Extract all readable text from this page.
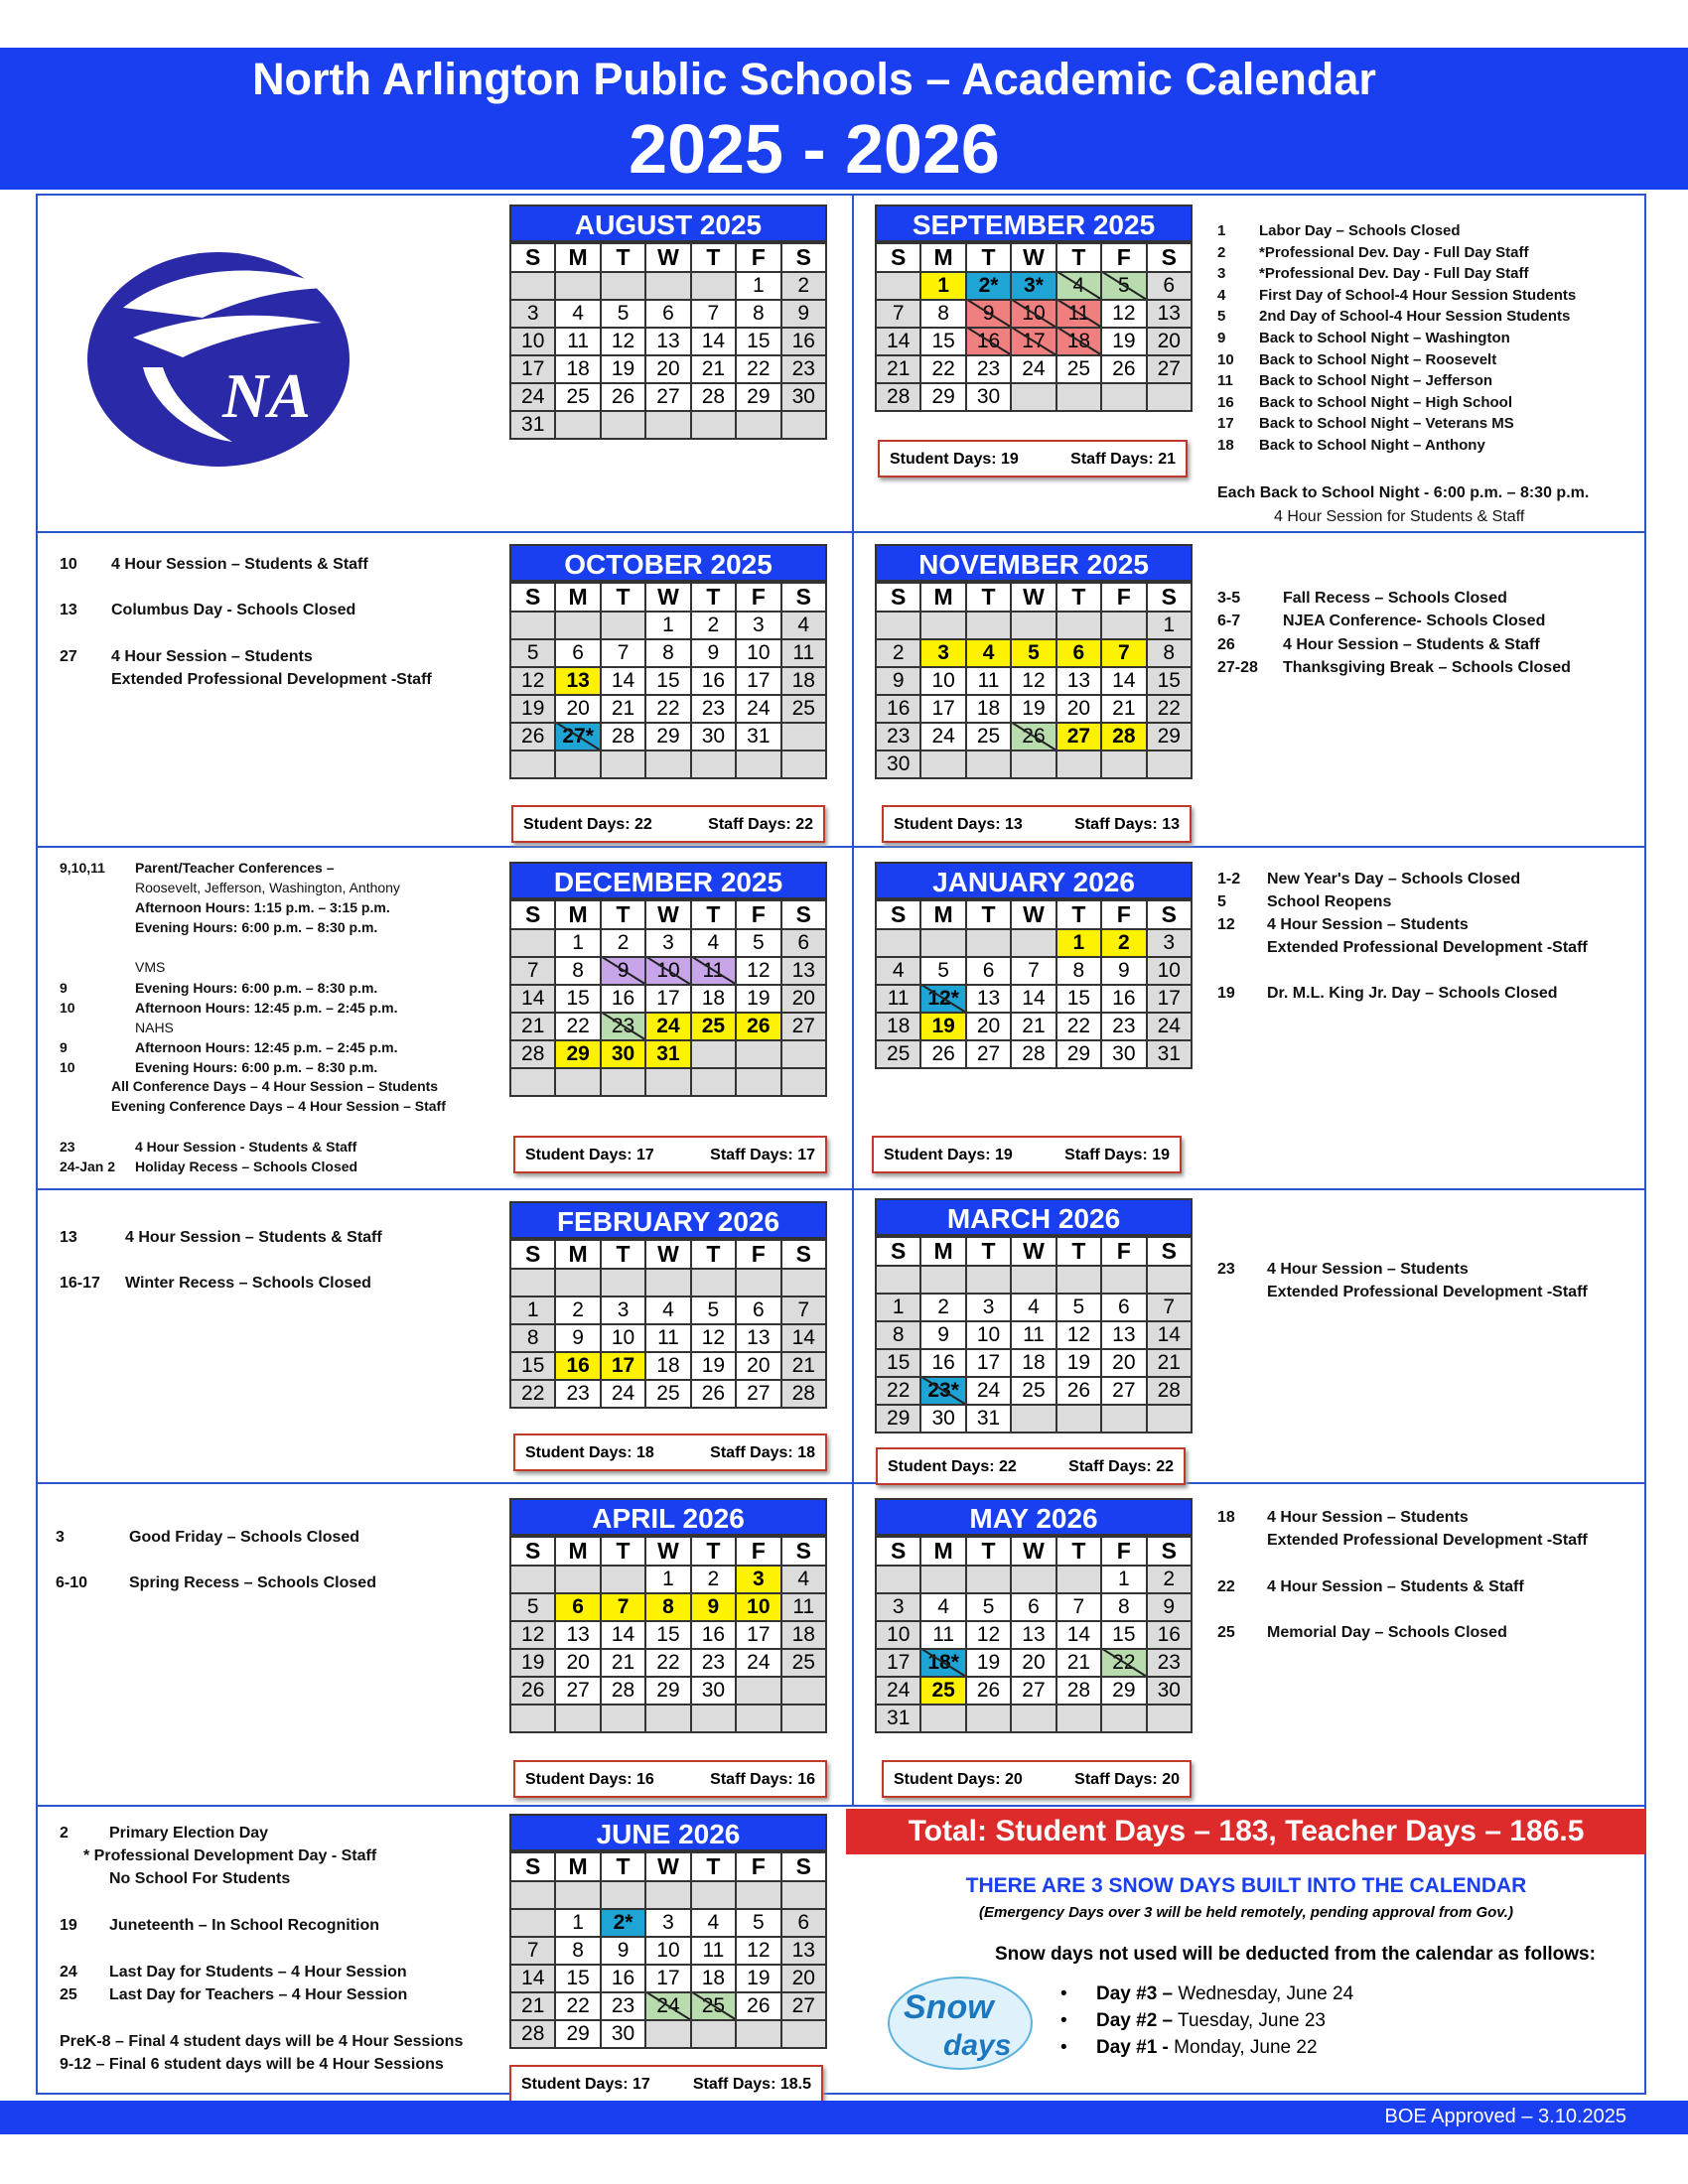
North Arlington Public Schools – Academic Calendar
2025 - 2026
NA
AUGUST 2025
S	M	T	W	T	F	S
					1	2
3	4	5	6	7	8	9
10	11	12	13	14	15	16
17	18	19	20	21	22	23
24	25	26	27	28	29	30
31						
SEPTEMBER 2025
S	M	T	W	T	F	S
	1	2*	3*	4	5	6
7	8	9	10	11	12	13
14	15	16	17	18	19	20
21	22	23	24	25	26	27
28	29	30				
Student Days: 19	Staff Days: 21
OCTOBER 2025
S	M	T	W	T	F	S
			1	2	3	4
5	6	7	8	9	10	11
12	13	14	15	16	17	18
19	20	21	22	23	24	25
26	27*	28	29	30	31	

Student Days: 22	Staff Days: 22
NOVEMBER 2025
S	M	T	W	T	F	S
						1
2	3	4	5	6	7	8
9	10	11	12	13	14	15
16	17	18	19	20	21	22
23	24	25	26	27	28	29
30						
Student Days: 13	Staff Days: 13
DECEMBER 2025
S	M	T	W	T	F	S
	1	2	3	4	5	6
7	8	9	10	11	12	13
14	15	16	17	18	19	20
21	22	23	24	25	26	27
28	29	30	31			

Student Days: 17	Staff Days: 17
JANUARY 2026
S	M	T	W	T	F	S
				1	2	3
4	5	6	7	8	9	10
11	12*	13	14	15	16	17
18	19	20	21	22	23	24
25	26	27	28	29	30	31
Student Days: 19	Staff Days: 19
FEBRUARY 2026
S	M	T	W	T	F	S

1	2	3	4	5	6	7
8	9	10	11	12	13	14
15	16	17	18	19	20	21
22	23	24	25	26	27	28
Student Days: 18	Staff Days: 18
MARCH 2026
S	M	T	W	T	F	S

1	2	3	4	5	6	7
8	9	10	11	12	13	14
15	16	17	18	19	20	21
22	23*	24	25	26	27	28
29	30	31				
Student Days: 22	Staff Days: 22
APRIL 2026
S	M	T	W	T	F	S
			1	2	3	4
5	6	7	8	9	10	11
12	13	14	15	16	17	18
19	20	21	22	23	24	25
26	27	28	29	30		

Student Days: 16	Staff Days: 16
MAY 2026
S	M	T	W	T	F	S
					1	2
3	4	5	6	7	8	9
10	11	12	13	14	15	16
17	18*	19	20	21	22	23
24	25	26	27	28	29	30
31						
Student Days: 20	Staff Days: 20
JUNE 2026
S	M	T	W	T	F	S

	1	2*	3	4	5	6
7	8	9	10	11	12	13
14	15	16	17	18	19	20
21	22	23	24	25	26	27
28	29	30				
Student Days: 17	Staff Days: 18.5
1 Labor Day – Schools Closed
2 *Professional Dev. Day - Full Day Staff
3 *Professional Dev. Day - Full Day Staff
4 First Day of School-4 Hour Session Students
5 2nd Day of School-4 Hour Session Students
9 Back to School Night – Washington
10 Back to School Night – Roosevelt
11 Back to School Night – Jefferson
16 Back to School Night – High School
17 Back to School Night – Veterans MS
18 Back to School Night – Anthony
10 4 Hour Session – Students & Staff
13 Columbus Day - Schools Closed
27 4 Hour Session – Students
Extended Professional Development -Staff
3-5	Fall Recess – Schools Closed
6-7	NJEA Conference- Schools Closed
26	4 Hour Session – Students & Staff
27-28 Thanksgiving Break – Schools Closed
9,10,11 Parent/Teacher Conferences –
Roosevelt, Jefferson, Washington, Anthony
Afternoon Hours: 1:15 p.m. – 3:15 p.m.
Evening Hours: 6:00 p.m. – 8:30 p.m.
VMS
9	Evening Hours: 6:00 p.m. – 8:30 p.m.
10	Afternoon Hours: 12:45 p.m. – 2:45 p.m.
NAHS
9	Afternoon Hours: 12:45 p.m. – 2:45 p.m.
10	Evening Hours: 6:00 p.m. – 8:30 p.m.
All Conference Days – 4 Hour Session – Students
Evening Conference Days – 4 Hour Session – Staff
23	4 Hour Session - Students & Staff
24-Jan 2 Holiday Recess – Schools Closed
1-2 New Year's Day – Schools Closed
5	School Reopens
12 4 Hour Session – Students
Extended Professional Development -Staff
19 Dr. M.L. King Jr. Day – Schools Closed
13	4 Hour Session – Students & Staff
16-17 Winter Recess – Schools Closed
23 4 Hour Session – Students
Extended Professional Development -Staff
3	Good Friday – Schools Closed
6-10	Spring Recess – Schools Closed
18 4 Hour Session – Students
Extended Professional Development -Staff
22 4 Hour Session – Students & Staff
25 Memorial Day – Schools Closed
2	Primary Election Day
* Professional Development Day - Staff
No School For Students
19 Juneteenth – In School Recognition
24 Last Day for Students – 4 Hour Session
25 Last Day for Teachers – 4 Hour Session
PreK-8 – Final 4 student days will be 4 Hour Sessions
9-12 – Final 6 student days will be 4 Hour Sessions
Each Back to School Night - 6:00 p.m. – 8:30 p.m.
4 Hour Session for Students & Staff
Total: Student Days – 183, Teacher Days – 186.5
THERE ARE 3 SNOW DAYS BUILT INTO THE CALENDAR
(Emergency Days over 3 will be held remotely, pending approval from Gov.)
Snow days not used will be deducted from the calendar as follows:
• Day #3 – Wednesday, June 24
• Day #2 – Tuesday, June 23
• Day #1 - Monday, June 22
Snow
days
BOE Approved – 3.10.2025
